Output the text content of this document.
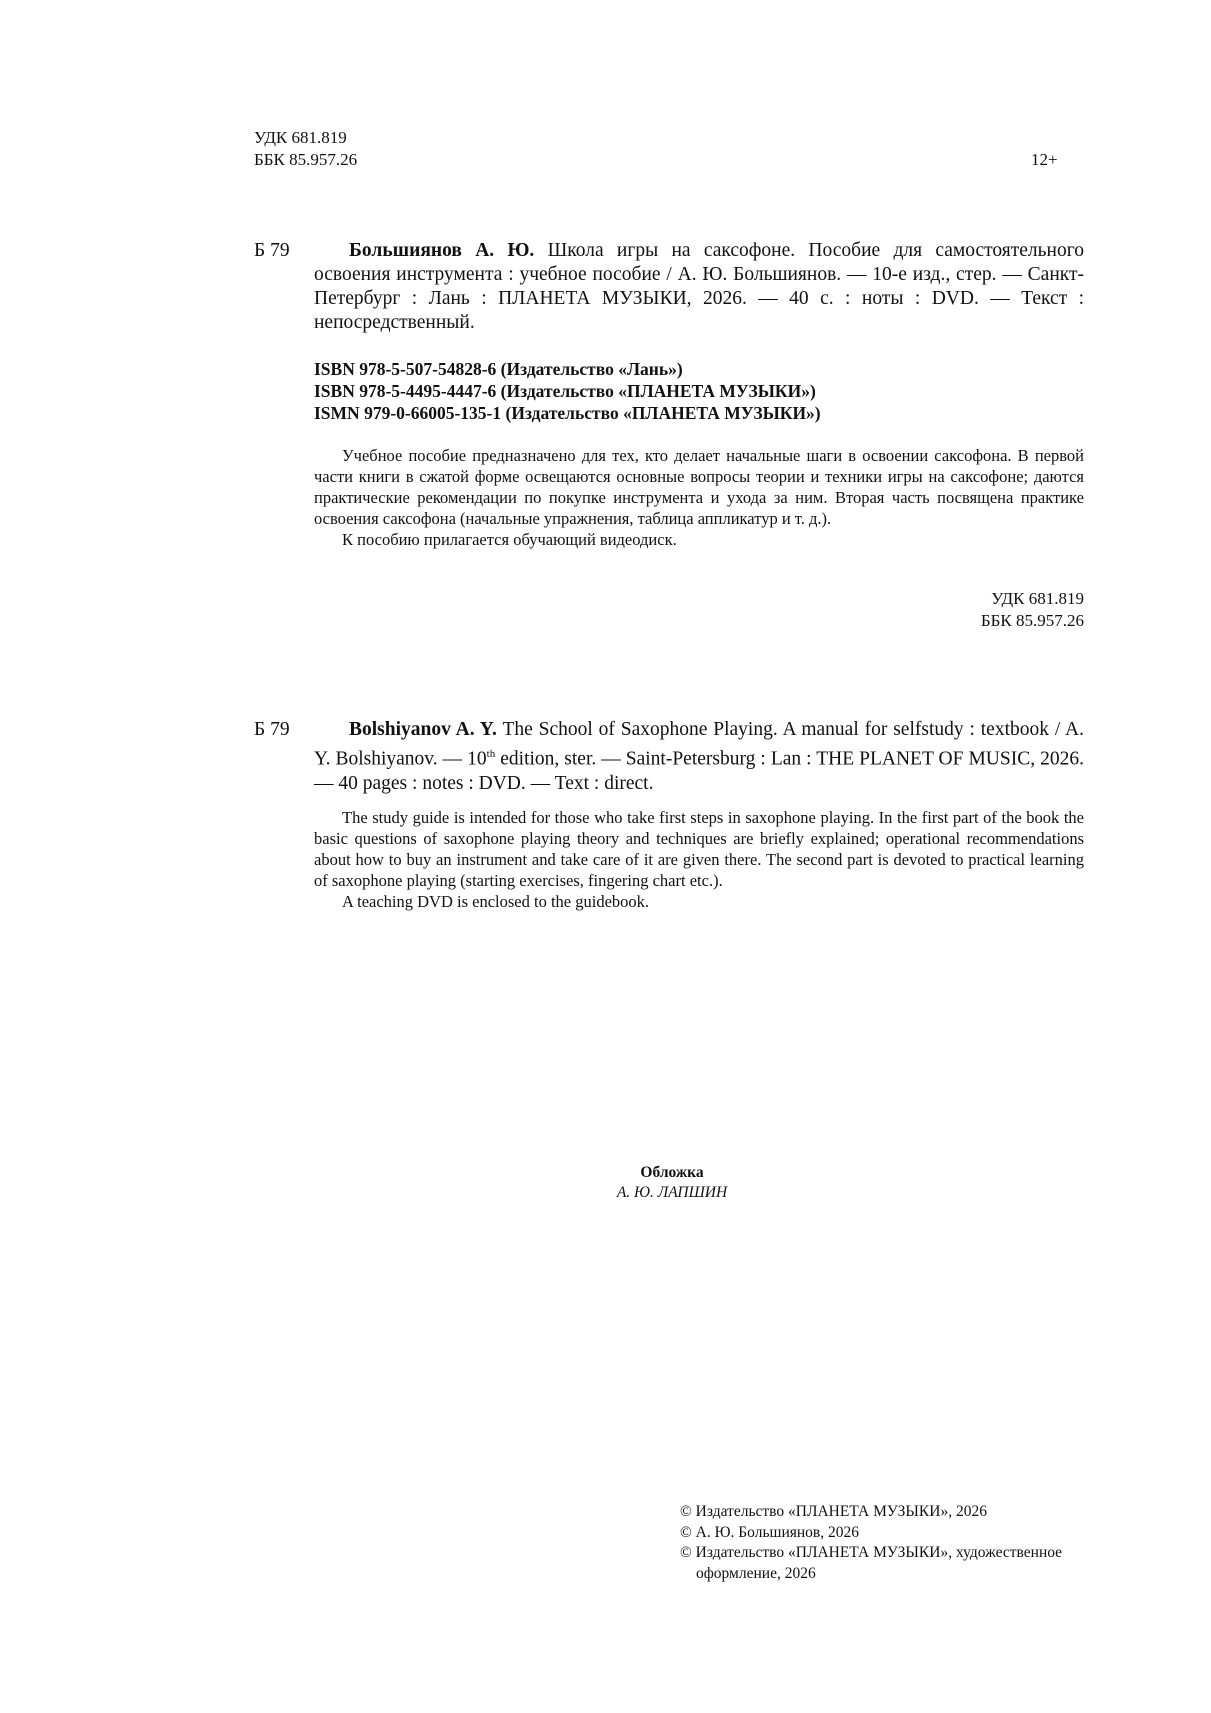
УДК 681.819
ББК 85.957.26	12+
Б 79	Большиянов А. Ю. Школа игры на саксофоне. Пособие для самостоятельного освоения инструмента : учебное пособие / А. Ю. Большиянов. — 10-е изд., стер. — Санкт-Петербург : Лань : ПЛАНЕТА МУЗЫКИ, 2026. — 40 с. : ноты : DVD. — Текст : непосредственный.

ISBN 978-5-507-54828-6 (Издательство «Лань»)
ISBN 978-5-4495-4447-6 (Издательство «ПЛАНЕТА МУЗЫКИ»)
ISMN 979-0-66005-135-1 (Издательство «ПЛАНЕТА МУЗЫКИ»)

Учебное пособие предназначено для тех, кто делает начальные шаги в освоении саксофона. В первой части книги в сжатой форме освещаются основные вопросы теории и техники игры на саксофоне; даются практические рекомендации по покупке инструмента и ухода за ним. Вторая часть посвящена практике освоения саксофона (начальные упражнения, таблица аппликатур и т. д.).

К пособию прилагается обучающий видеодиск.

УДК 681.819
ББК 85.957.26
Б 79	Bolshiyanov A. Y. The School of Saxophone Playing. A manual for selfstudy : textbook / A. Y. Bolshiyanov. — 10th edition, ster. — Saint-Petersburg : Lan : THE PLANET OF MUSIC, 2026. — 40 pages : notes : DVD. — Text : direct.

The study guide is intended for those who take first steps in saxophone playing. In the first part of the book the basic questions of saxophone playing theory and techniques are briefly explained; operational recommendations about how to buy an instrument and take care of it are given there. The second part is devoted to practical learning of saxophone playing (starting exercises, fingering chart etc.).

A teaching DVD is enclosed to the guidebook.

Обложка
А. Ю. ЛАПШИН
© Издательство «ПЛАНЕТА МУЗЫКИ», 2026
© А. Ю. Большиянов, 2026
© Издательство «ПЛАНЕТА МУЗЫКИ», художественное оформление, 2026
